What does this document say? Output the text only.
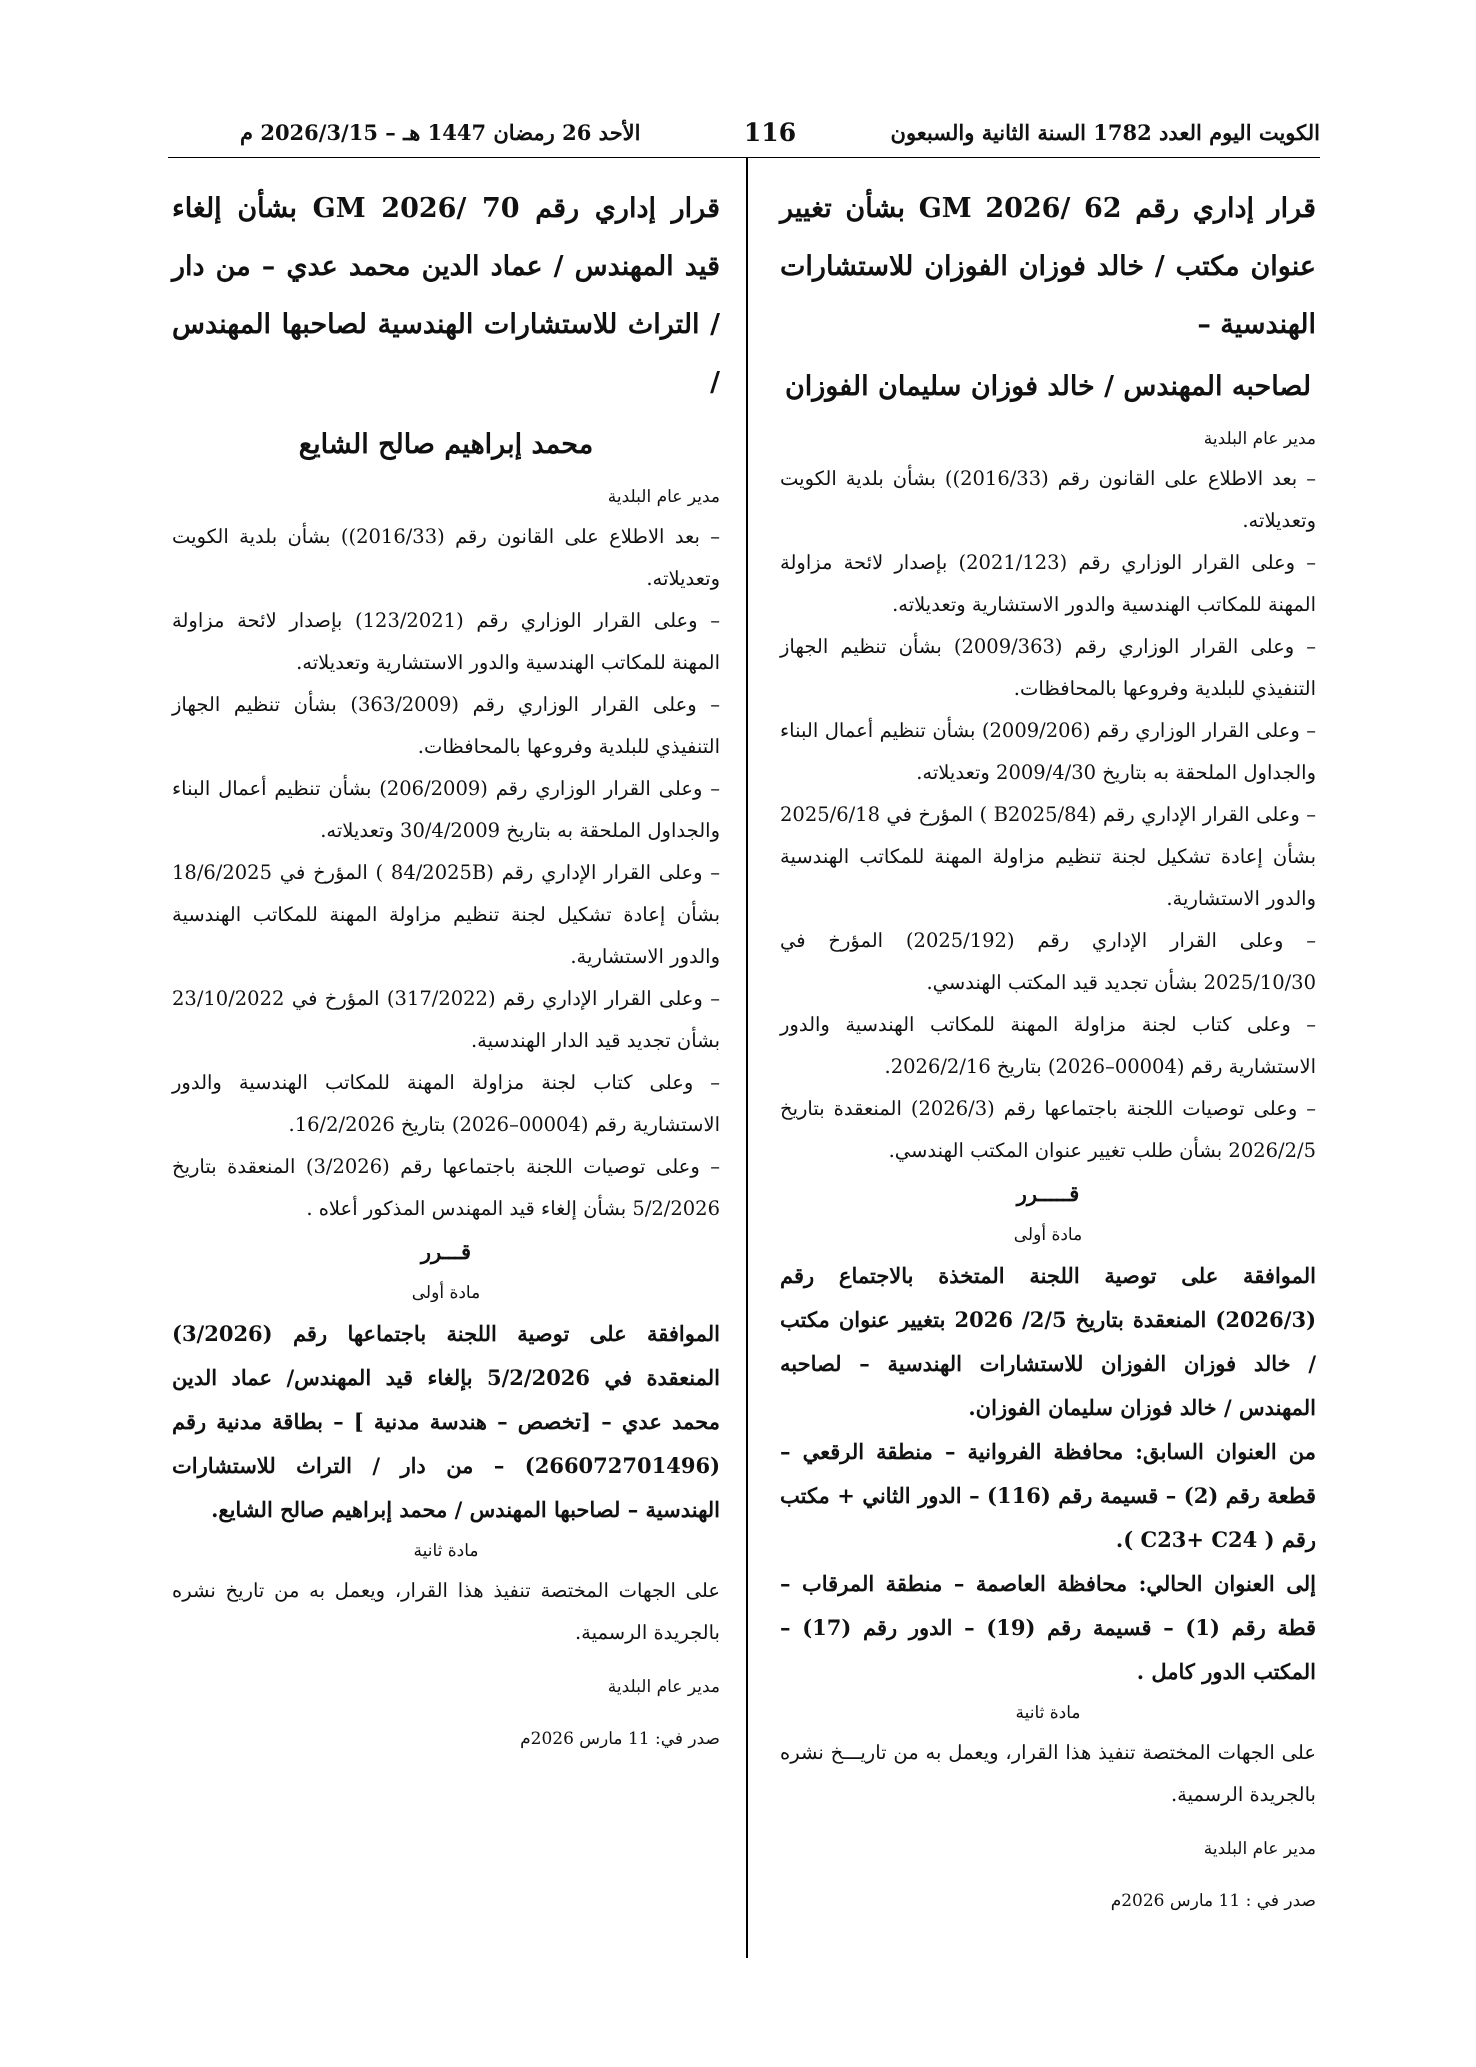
الكويت اليوم العدد 1782 السنة الثانية والسبعون
116
الأحد 26 رمضان 1447 هـ – 2026/3/15 م
قرار إداري رقم 62 /2026 GM بشأن تغيير عنوان مكتب / خالد فوزان الفوزان للاستشارات الهندسية –
لصاحبه المهندس / خالد فوزان سليمان الفوزان
مدير عام البلدية

– بعد الاطلاع على القانون رقم (2016/33)) بشأن بلدية الكويت وتعديلاته.

– وعلى القرار الوزاري رقم (2021/123) بإصدار لائحة مزاولة المهنة للمكاتب الهندسية والدور الاستشارية وتعديلاته.

– وعلى القرار الوزاري رقم (2009/363) بشأن تنظيم الجهاز التنفيذي للبلدية وفروعها بالمحافظات.

– وعلى القرار الوزاري رقم (2009/206) بشأن تنظيم أعمال البناء والجداول الملحقة به بتاريخ 2009/4/30 وتعديلاته.

– وعلى القرار الإداري رقم (B2025/84 ) المؤرخ في 2025/6/18 بشأن إعادة تشكيل لجنة تنظيم مزاولة المهنة للمكاتب الهندسية والدور الاستشارية.

– وعلى القرار الإداري رقم (2025/192) المؤرخ في 2025/10/30 بشأن تجديد قيد المكتب الهندسي.

– وعلى كتاب لجنة مزاولة المهنة للمكاتب الهندسية والدور الاستشارية رقم (00004–2026) بتاريخ 2026/2/16.

– وعلى توصيات اللجنة باجتماعها رقم (2026/3) المنعقدة بتاريخ 2026/2/5 بشأن طلب تغيير عنوان المكتب الهندسي.

قـــــرر
مادة أولى

الموافقة على توصية اللجنة المتخذة بالاجتماع رقم (2026/3) المنعقدة بتاريخ 2/5/ 2026 بتغيير عنوان مكتب / خالد فوزان الفوزان للاستشارات الهندسية – لصاحبه المهندس / خالد فوزان سليمان الفوزان.

من العنوان السابق: محافظة الفروانية – منطقة الرقعي – قطعة رقم (2) – قسيمة رقم (116) – الدور الثاني + مكتب رقم ( C23+ C24 ).

إلى العنوان الحالي: محافظة العاصمة – منطقة المرقاب – قطة رقم (1) – قسيمة رقم (19) – الدور رقم (17) – المكتب الدور كامل .

مادة ثانية

على الجهات المختصة تنفيذ هذا القرار، ويعمل به من تاريـــخ نشره بالجريدة الرسمية.

مدير عام البلدية
صدر في : 11 مارس 2026م
قرار إداري رقم 70 /2026 GM بشأن إلغاء قيد المهندس / عماد الدين محمد عدي – من دار / التراث للاستشارات الهندسية لصاحبها المهندس /
محمد إبراهيم صالح الشايع
مدير عام البلدية

– بعد الاطلاع على القانون رقم (2016/33)) بشأن بلدية الكويت وتعديلاته.

– وعلى القرار الوزاري رقم (123/2021) بإصدار لائحة مزاولة المهنة للمكاتب الهندسية والدور الاستشارية وتعديلاته.

– وعلى القرار الوزاري رقم (363/2009) بشأن تنظيم الجهاز التنفيذي للبلدية وفروعها بالمحافظات.

– وعلى القرار الوزاري رقم (206/2009) بشأن تنظيم أعمال البناء والجداول الملحقة به بتاريخ 30/4/2009 وتعديلاته.

– وعلى القرار الإداري رقم (84/2025B ) المؤرخ في 18/6/2025 بشأن إعادة تشكيل لجنة تنظيم مزاولة المهنة للمكاتب الهندسية والدور الاستشارية.

– وعلى القرار الإداري رقم (317/2022) المؤرخ في 23/10/2022 بشأن تجديد قيد الدار الهندسية.

– وعلى كتاب لجنة مزاولة المهنة للمكاتب الهندسية والدور الاستشارية رقم (00004–2026) بتاريخ 16/2/2026.

– وعلى توصيات اللجنة باجتماعها رقم (3/2026) المنعقدة بتاريخ 5/2/2026 بشأن إلغاء قيد المهندس المذكور أعلاه .

قـــرر
مادة أولى

الموافقة على توصية اللجنة باجتماعها رقم (3/2026) المنعقدة في 5/2/2026 بإلغاء قيد المهندس/ عماد الدين محمد عدي – [تخصص – هندسة مدنية ] – بطاقة مدنية رقم (266072701496) – من دار / التراث للاستشارات الهندسية – لصاحبها المهندس / محمد إبراهيم صالح الشايع.

مادة ثانية

على الجهات المختصة تنفيذ هذا القرار، ويعمل به من تاريخ نشره بالجريدة الرسمية.

مدير عام البلدية
صدر في: 11 مارس 2026م
